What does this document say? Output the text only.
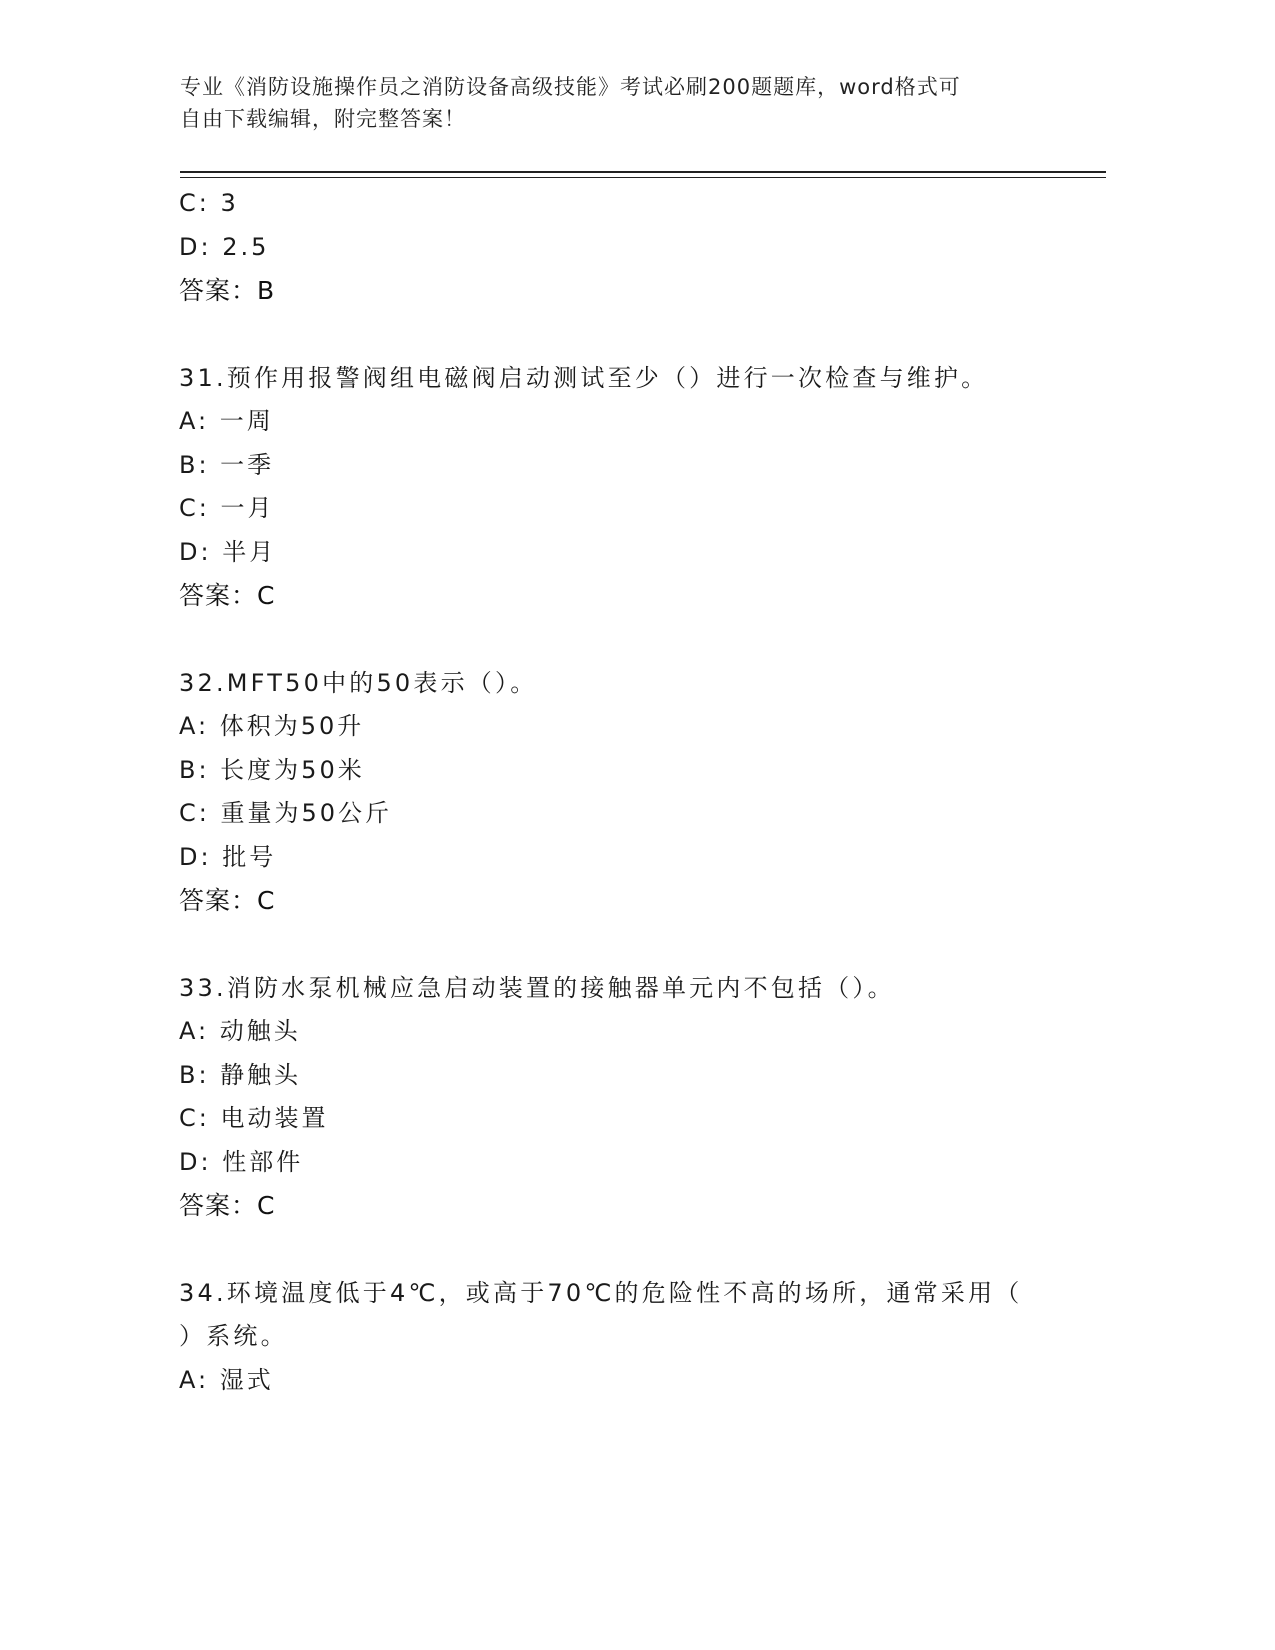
专业《消防设施操作员之消防设备高级技能》考试必刷200题题库，word格式可
自由下载编辑，附完整答案！
C: 3
D: 2.5
答案：B
31.预作用报警阀组电磁阀启动测试至少（）进行一次检查与维护。
A: 一周
B: 一季
C: 一月
D: 半月
答案：C
32.MFT50中的50表示（）。
A: 体积为50升
B: 长度为50米
C: 重量为50公斤
D: 批号
答案：C
33.消防水泵机械应急启动装置的接触器单元内不包括（）。
A: 动触头
B: 静触头
C: 电动装置
D: 性部件
答案：C
34.环境温度低于4℃，或高于70℃的危险性不高的场所，通常采用（
）系统。
A: 湿式
